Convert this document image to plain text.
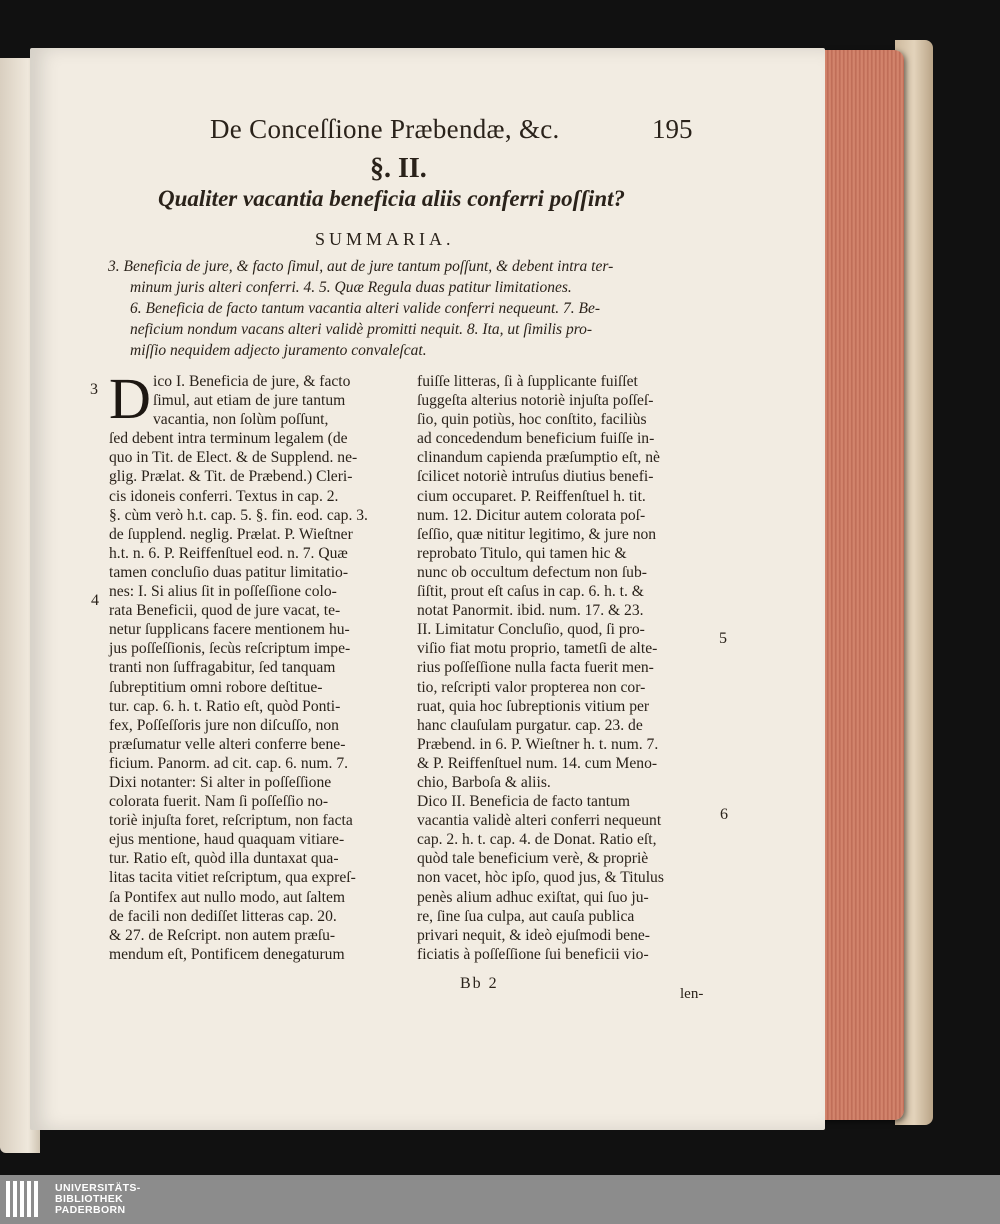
De Conceſſione Præbendæ, &c.	195
§. II.
Qualiter vacantia beneficia aliis conferri poſſint?
SUMMARIA.
3. Beneficia de jure, & facto ſimul, aut de jure tantum poſſunt, & debent intra ter-
minum juris alteri conferri. 4. 5. Quæ Regula duas patitur limitationes.
6. Beneficia de facto tantum vacantia alteri valide conferri nequeunt. 7. Be-
neficium nondum vacans alteri validè promitti nequit. 8. Ita, ut ſimilis pro-
miſſio nequidem adjecto juramento convaleſcat.
D ico I. Beneficia de jure, & facto
ſimul, aut etiam de jure tantum
vacantia, non ſolùm poſſunt,
ſed debent intra terminum legalem (de
quo in Tit. de Elect. & de Supplend. ne-
glig. Prælat. & Tit. de Præbend.) Cleri-
cis idoneis conferri. Textus in cap. 2.
§. cùm verò h.t. cap. 5. §. fin. eod. cap. 3.
de ſupplend. neglig. Prælat. P. Wieſtner
h.t. n. 6. P. Reiffenſtuel eod. n. 7. Quæ
tamen concluſio duas patitur limitatio-
nes: I. Si alius ſit in poſſeſſione colo-
rata Beneficii, quod de jure vacat, te-
netur ſupplicans facere mentionem hu-
jus poſſeſſionis, ſecùs reſcriptum impe-
tranti non ſuffragabitur, ſed tanquam
ſubreptitium omni robore deſtitue-
tur. cap. 6. h. t. Ratio eſt, quòd Ponti-
fex, Poſſeſſoris jure non diſcuſſo, non
præſumatur velle alteri conferre bene-
ficium. Panorm. ad cit. cap. 6. num. 7.
Dixi notanter: Si alter in poſſeſſione
colorata fuerit. Nam ſi poſſeſſio no-
toriè injuſta foret, reſcriptum, non facta
ejus mentione, haud quaquam vitiare-
tur. Ratio eſt, quòd illa duntaxat qua-
litas tacita vitiet reſcriptum, qua expreſ-
ſa Pontifex aut nullo modo, aut ſaltem
de facili non dediſſet litteras cap. 20.
& 27. de Reſcript. non autem præſu-
mendum eſt, Pontificem denegaturum
fuiſſe litteras, ſi à ſupplicante fuiſſet
ſuggeſta alterius notoriè injuſta poſſeſ-
ſio, quin potiùs, hoc conſtito, faciliùs
ad concedendum beneficium fuiſſe in-
clinandum capienda præſumptio eſt, nè
ſcilicet notoriè intruſus diutius benefi-
cium occuparet. P. Reiffenſtuel h. tit.
num. 12. Dicitur autem colorata poſ-
ſeſſio, quæ nititur legitimo, & jure non
reprobato Titulo, qui tamen hic &
nunc ob occultum defectum non ſub-
ſiſtit, prout eſt caſus in cap. 6. h. t. &
notat Panormit. ibid. num. 17. & 23.
II. Limitatur Concluſio, quod, ſi pro-
viſio fiat motu proprio, tametſi de alte-
rius poſſeſſione nulla facta fuerit men-
tio, reſcripti valor propterea non cor-
ruat, quia hoc ſubreptionis vitium per
hanc clauſulam purgatur. cap. 23. de
Præbend. in 6. P. Wieſtner h. t. num. 7.
& P. Reiffenſtuel num. 14. cum Meno-
chio, Barboſa & aliis.
Dico II. Beneficia de facto tantum
vacantia validè alteri conferri nequeunt
cap. 2. h. t. cap. 4. de Donat. Ratio eſt,
quòd tale beneficium verè, & propriè
non vacet, hòc ipſo, quod jus, & Titulus
penès alium adhuc exiſtat, qui ſuo ju-
re, ſine ſua culpa, aut cauſa publica
privari nequit, & ideò ejuſmodi bene-
ficiatis à poſſeſſione ſui beneficii vio-
3
4
5
6
Bb 2
len-
UNIVERSITÄTS-
BIBLIOTHEK
PADERBORN
